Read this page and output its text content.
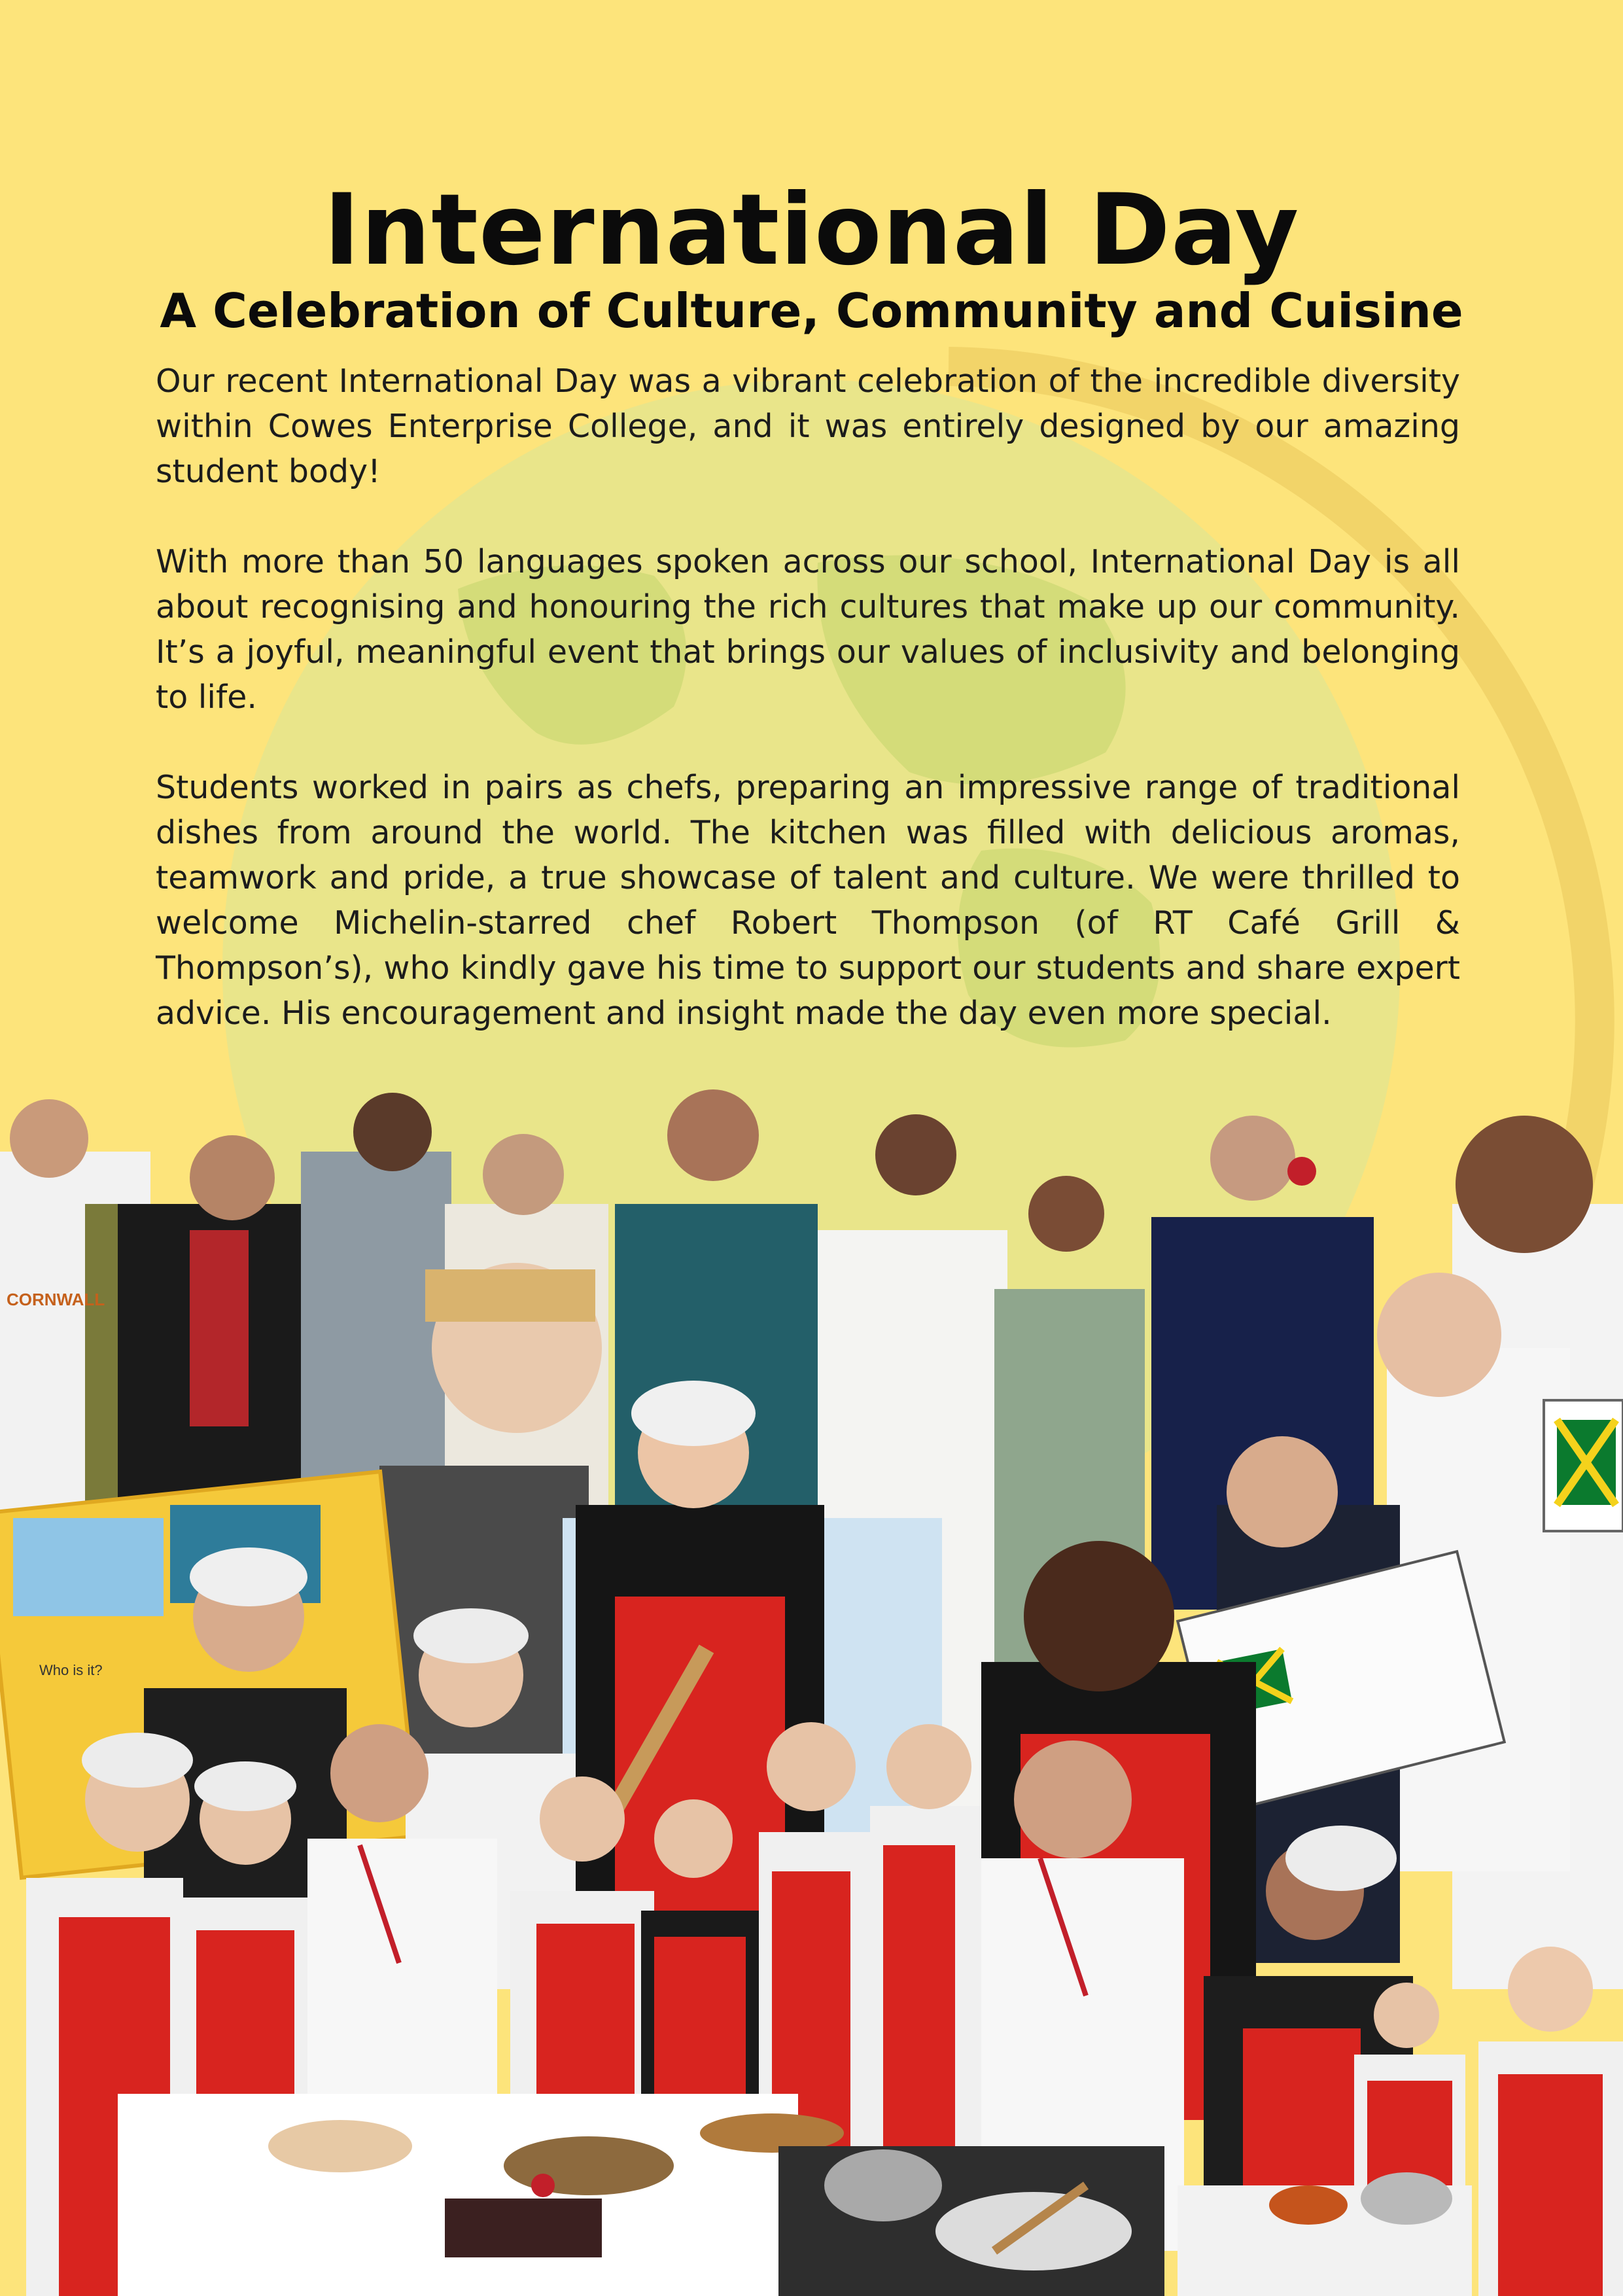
International Day
A Celebration of Culture, Community and Cuisine

Our recent International Day was a vibrant celebration of the incredible diversity within Cowes Enterprise College, and it was entirely designed by our amazing student body!

With more than 50 languages spoken across our school, International Day is all about recognising and honouring the rich cultures that make up our community. It’s a joyful, meaningful event that brings our values of inclusivity and belonging to life.

Students worked in pairs as chefs, preparing an impressive range of traditional dishes from around the world. The kitchen was filled with delicious aromas, teamwork and pride, a true showcase of talent and culture. We were thrilled to welcome Michelin-starred chef Robert Thompson (of RT Café Grill & Thompson’s), who kindly gave his time to support our students and share expert advice. His encouragement and insight made the day even more special.

CORNWALL
Who is it?
